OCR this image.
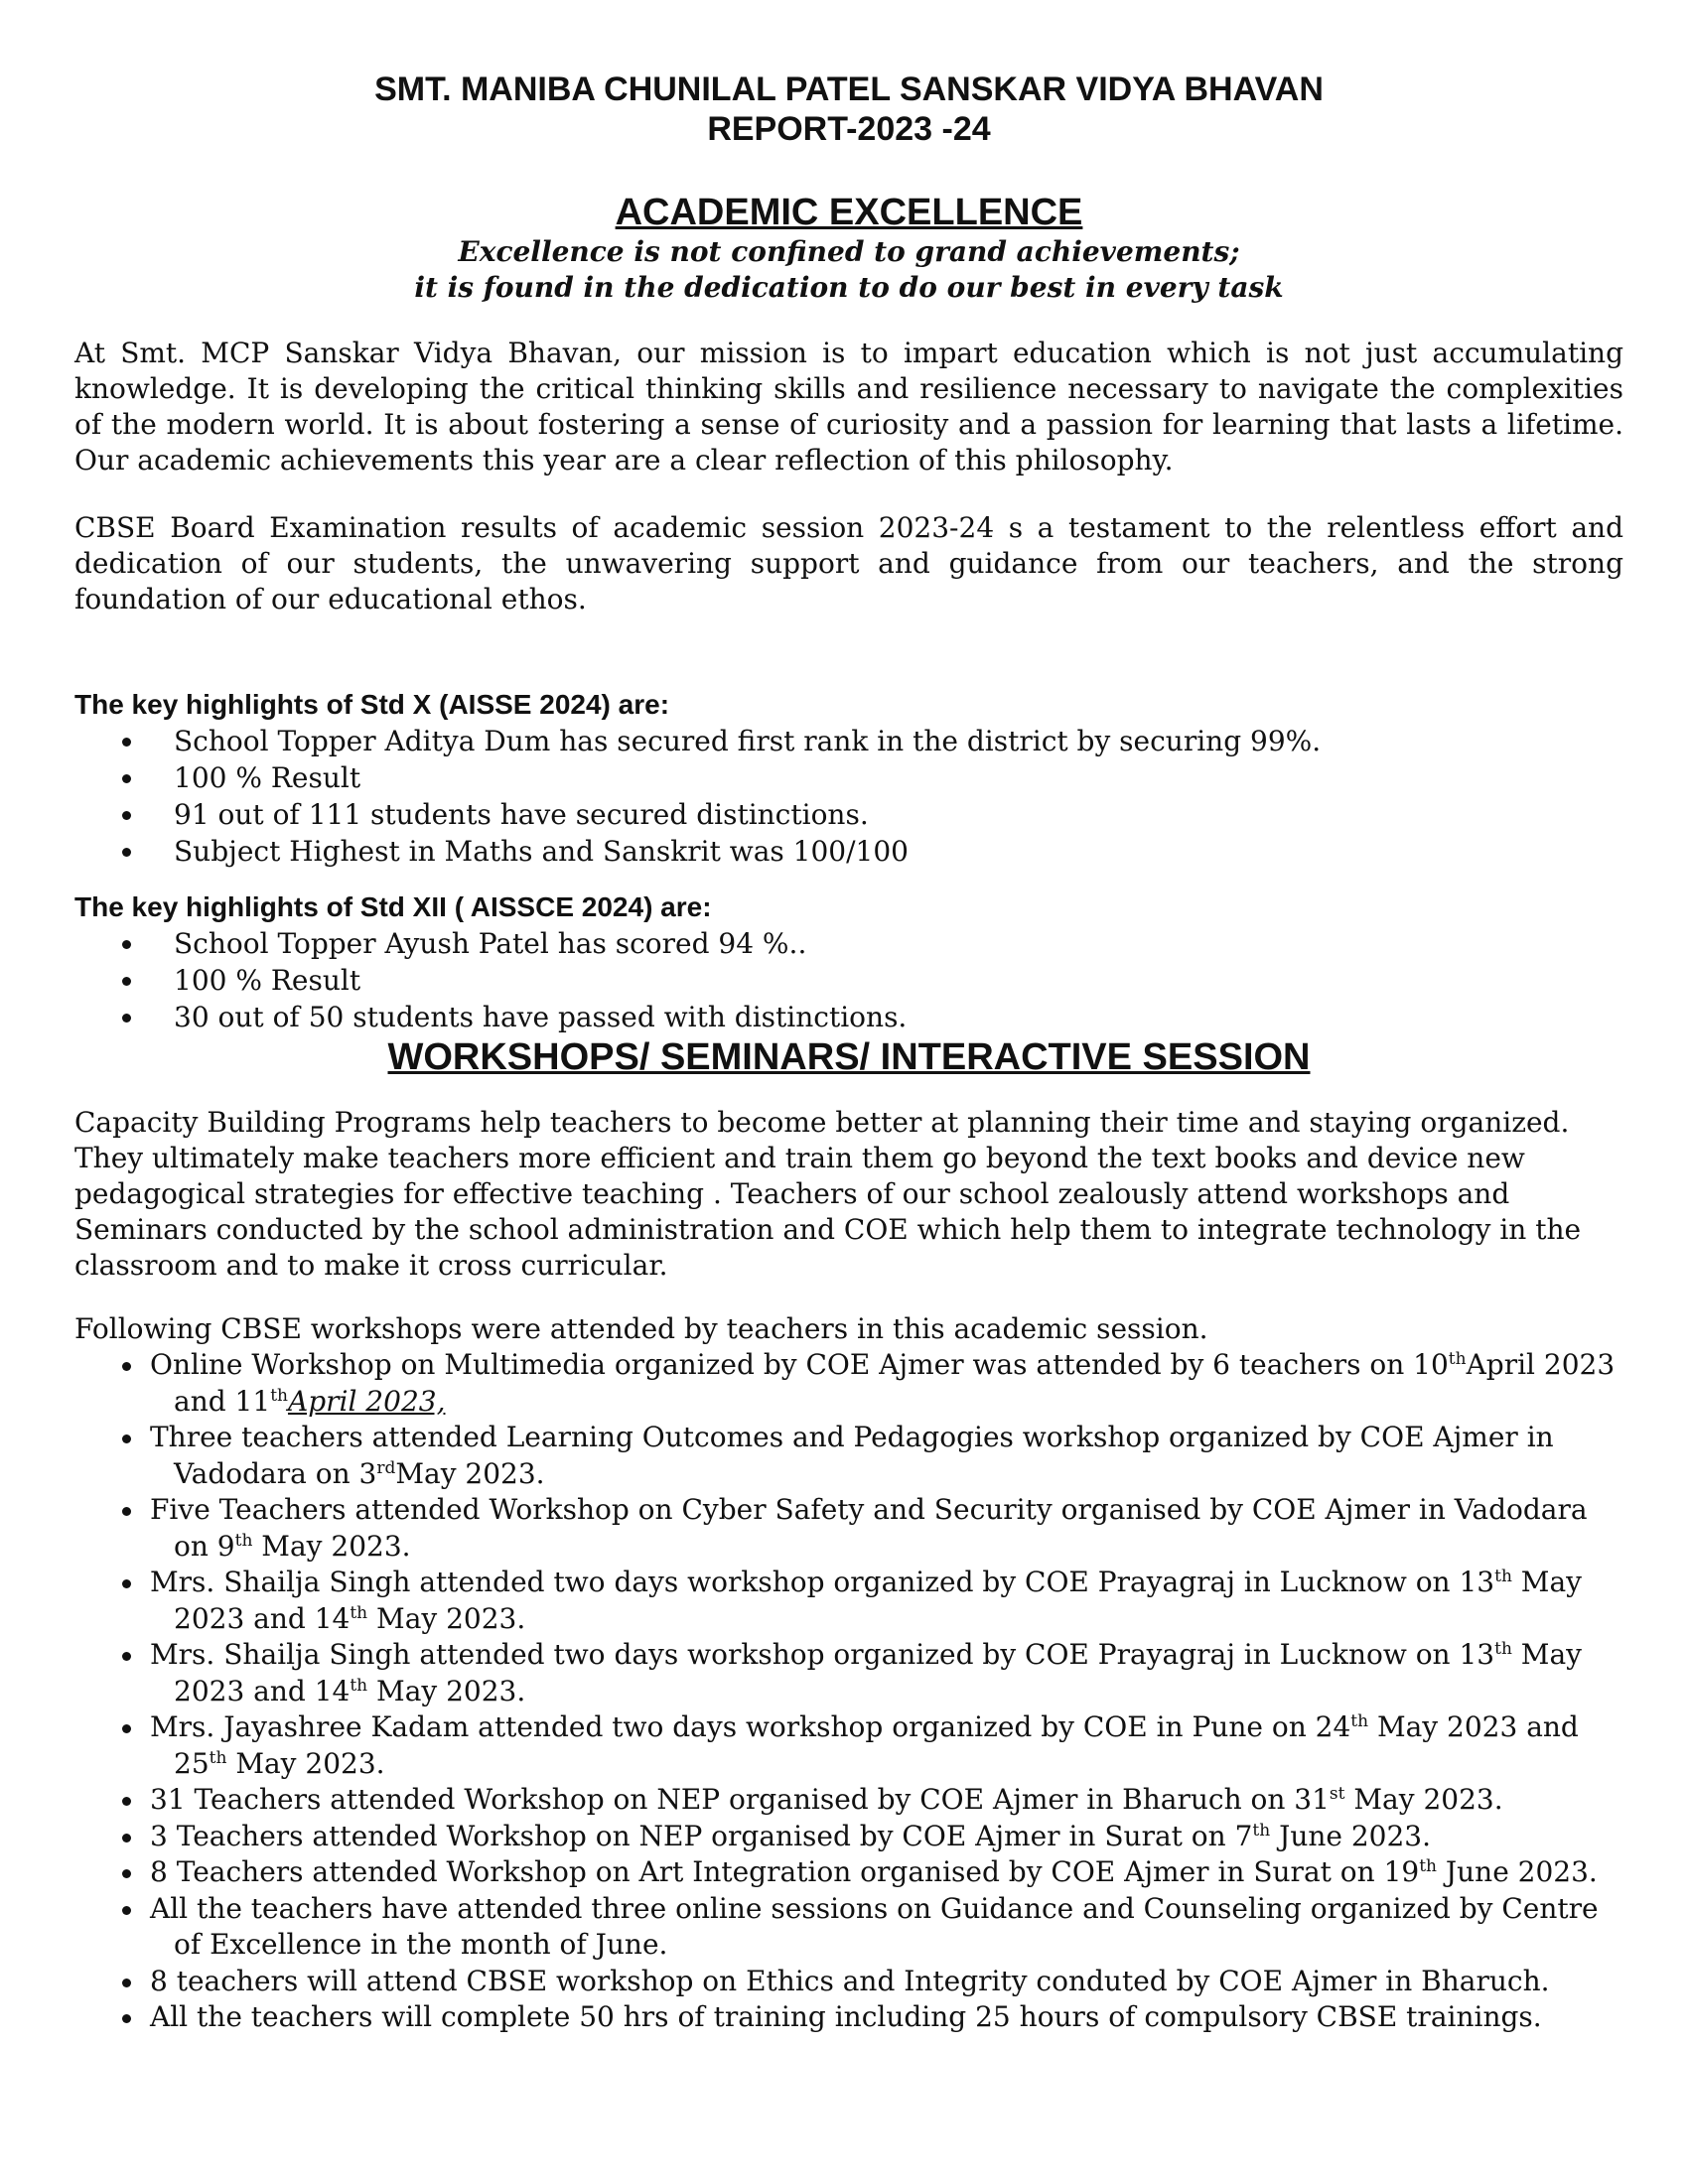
SMT. MANIBA CHUNILAL PATEL SANSKAR VIDYA BHAVAN
REPORT-2023 -24
ACADEMIC EXCELLENCE

Excellence is not confined to grand achievements;

it is found in the dedication to do our best in every task

At Smt. MCP Sanskar Vidya Bhavan, our mission is to impart education which is not just accumulating knowledge. It is developing the critical thinking skills and resilience necessary to navigate the complexities of the modern world. It is about fostering a sense of curiosity and a passion for learning that lasts a lifetime. Our academic achievements this year are a clear reflection of this philosophy.

CBSE Board Examination results of academic session 2023-24 s a testament to the relentless effort and dedication of our students, the unwavering support and guidance from our teachers, and the strong foundation of our educational ethos.

The key highlights of Std X (AISSE 2024) are:

School Topper Aditya Dum has secured first rank in the district by securing 99%.
100 % Result
91 out of 111 students have secured distinctions.
Subject Highest in Maths and Sanskrit was 100/100

The key highlights of Std XII ( AISSCE 2024) are:

School Topper Ayush Patel has scored 94 %..
100 % Result
30 out of 50 students have passed with distinctions.
WORKSHOPS/ SEMINARS/ INTERACTIVE SESSION

Capacity Building Programs help teachers to become better at planning their time and staying organized. They ultimately make teachers more efficient and train them go beyond the text books and device new pedagogical strategies for effective teaching . Teachers of our school zealously attend workshops and Seminars conducted by the school administration and COE which help them to integrate technology in the classroom and to make it cross curricular.

Following CBSE workshops were attended by teachers in this academic session.

Online Workshop on Multimedia organized by COE Ajmer was attended by 6 teachers on 10thApril 2023 and 11thApril 2023,
Three teachers attended Learning Outcomes and Pedagogies workshop organized by COE Ajmer in Vadodara on 3rdMay 2023.
Five Teachers attended Workshop on Cyber Safety and Security organised by COE Ajmer in Vadodara on 9th May 2023.
Mrs. Shailja Singh attended two days workshop organized by COE Prayagraj in Lucknow on 13th May 2023 and 14th May 2023.
Mrs. Shailja Singh attended two days workshop organized by COE Prayagraj in Lucknow on 13th May 2023 and 14th May 2023.
Mrs. Jayashree Kadam attended two days workshop organized by COE in Pune on 24th May 2023 and 25th May 2023.
31 Teachers attended Workshop on NEP organised by COE Ajmer in Bharuch on 31st May 2023.
3 Teachers attended Workshop on NEP organised by COE Ajmer in Surat on 7th June 2023.
8 Teachers attended Workshop on Art Integration organised by COE Ajmer in Surat on 19th June 2023.
All the teachers have attended three online sessions on Guidance and Counseling organized by Centre of Excellence in the month of June.
8 teachers will attend CBSE workshop on Ethics and Integrity conduted by COE Ajmer in Bharuch.
All the teachers will complete 50 hrs of training including 25 hours of compulsory CBSE trainings.
